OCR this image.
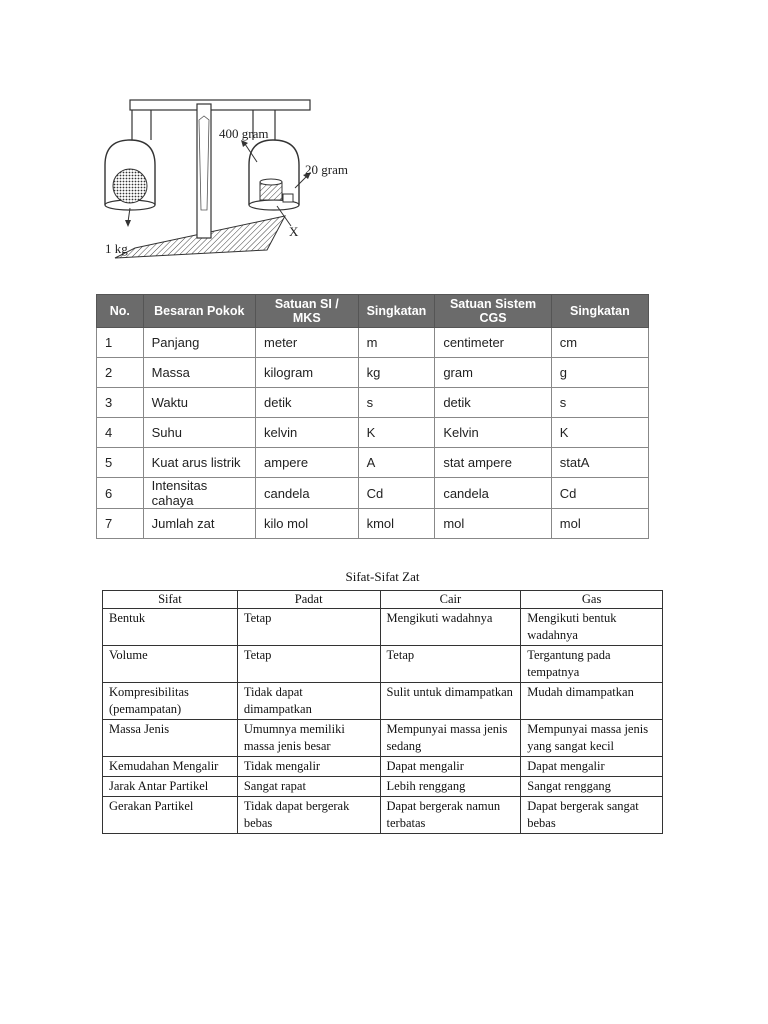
400 gram
20 gram
X
1 kg
No.	Besaran Pokok	Satuan SI / MKS	Singkatan	Satuan Sistem CGS	Singkatan
1	Panjang	meter	m	centimeter	cm
2	Massa	kilogram	kg	gram	g
3	Waktu	detik	s	detik	s
4	Suhu	kelvin	K	Kelvin	K
5	Kuat arus listrik	ampere	A	stat ampere	statA
6	Intensitas cahaya	candela	Cd	candela	Cd
7	Jumlah zat	kilo mol	kmol	mol	mol
Sifat-Sifat Zat
Sifat	Padat	Cair	Gas
Bentuk	Tetap	Mengikuti wadahnya	Mengikuti bentuk wadahnya
Volume	Tetap	Tetap	Tergantung pada tempatnya
Kompresibilitas (pemampatan)	Tidak dapat dimampatkan	Sulit untuk dimampatkan	Mudah dimampatkan
Massa Jenis	Umumnya memiliki massa jenis besar	Mempunyai massa jenis sedang	Mempunyai massa jenis yang sangat kecil
Kemudahan Mengalir	Tidak mengalir	Dapat mengalir	Dapat mengalir
Jarak Antar Partikel	Sangat rapat	Lebih renggang	Sangat renggang
Gerakan Partikel	Tidak dapat bergerak bebas	Dapat bergerak namun terbatas	Dapat bergerak sangat bebas
